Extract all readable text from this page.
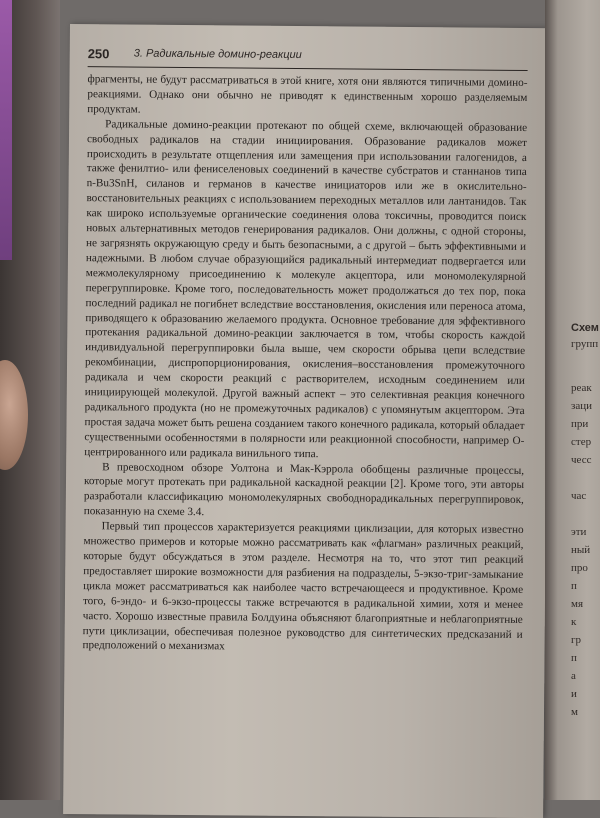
250 3. Радикальные домино-реакции

фрагменты, не будут рассматриваться в этой книге, хотя они являются типичными домино-реакциями. Однако они обычно не приводят к единственным хорошо разделяемым продуктам.

Радикальные домино-реакции протекают по общей схеме, включающей образование свободных радикалов на стадии инициирования. Образование радикалов может происходить в результате отщепления или замещения при использовании галогенидов, а также фенилтио- или фениселеновых соединений в качестве субстратов и станнанов типа n-Bu3SnH, силанов и германов в качестве инициаторов или же в окислительно-восстановительных реакциях с использованием переходных металлов или лантанидов. Так как широко используемые органические соединения олова токсичны, проводится поиск новых альтернативных методов генерирования радикалов. Они должны, с одной стороны, не загрязнять окружающую среду и быть безопасными, а с другой – быть эффективными и надежными. В любом случае образующийся радикальный интермедиат подвергается или межмолекулярному присоединению к молекуле акцептора, или мономолекулярной перегруппировке. Кроме того, последовательность может продолжаться до тех пор, пока последний радикал не погибнет вследствие восстановления, окисления или переноса атома, приводящего к образованию желаемого продукта. Основное требование для эффективного протекания радикальной домино-реакции заключается в том, чтобы скорость каждой индивидуальной перегруппировки была выше, чем скорости обрыва цепи вследствие рекомбинации, диспропорционирования, окисления–восстановления промежуточного радикала и чем скорости реакций с растворителем, исходным соединением или инициирующей молекулой. Другой важный аспект – это селективная реакция конечного радикального продукта (но не промежуточных радикалов) с упомянутым акцептором. Эта простая задача может быть решена созданием такого конечного радикала, который обладает существенными особенностями в полярности или реакционной способности, например O-центрированного или радикала винильного типа.

В превосходном обзоре Уолтона и Мак-Кэррола обобщены различные процессы, которые могут протекать при радикальной каскадной реакции [2]. Кроме того, эти авторы разработали классификацию мономолекулярных свободнорадикальных перегруппировок, показанную на схеме 3.4.

Первый тип процессов характеризуется реакциями циклизации, для которых известно множество примеров и которые можно рассматривать как «флагман» различных реакций, которые будут обсуждаться в этом разделе. Несмотря на то, что этот тип реакций предоставляет широкие возможности для разбиения на подразделы, 5-экзо-триг-замыкание цикла может рассматриваться как наиболее часто встречающееся и продуктивное. Кроме того, 6-эндо- и 6-экзо-процессы также встречаются в радикальной химии, хотя и менее часто. Хорошо известные правила Болдуина объясняют благоприятные и неблагоприятные пути циклизации, обеспечивая полезное руководство для синтетических предсказаний и предположений о механизмах

Схем
групп
реак
заци
при
стер
чесс
час
эти
ный
про
п
мя
к
гр
п
а
и
м
